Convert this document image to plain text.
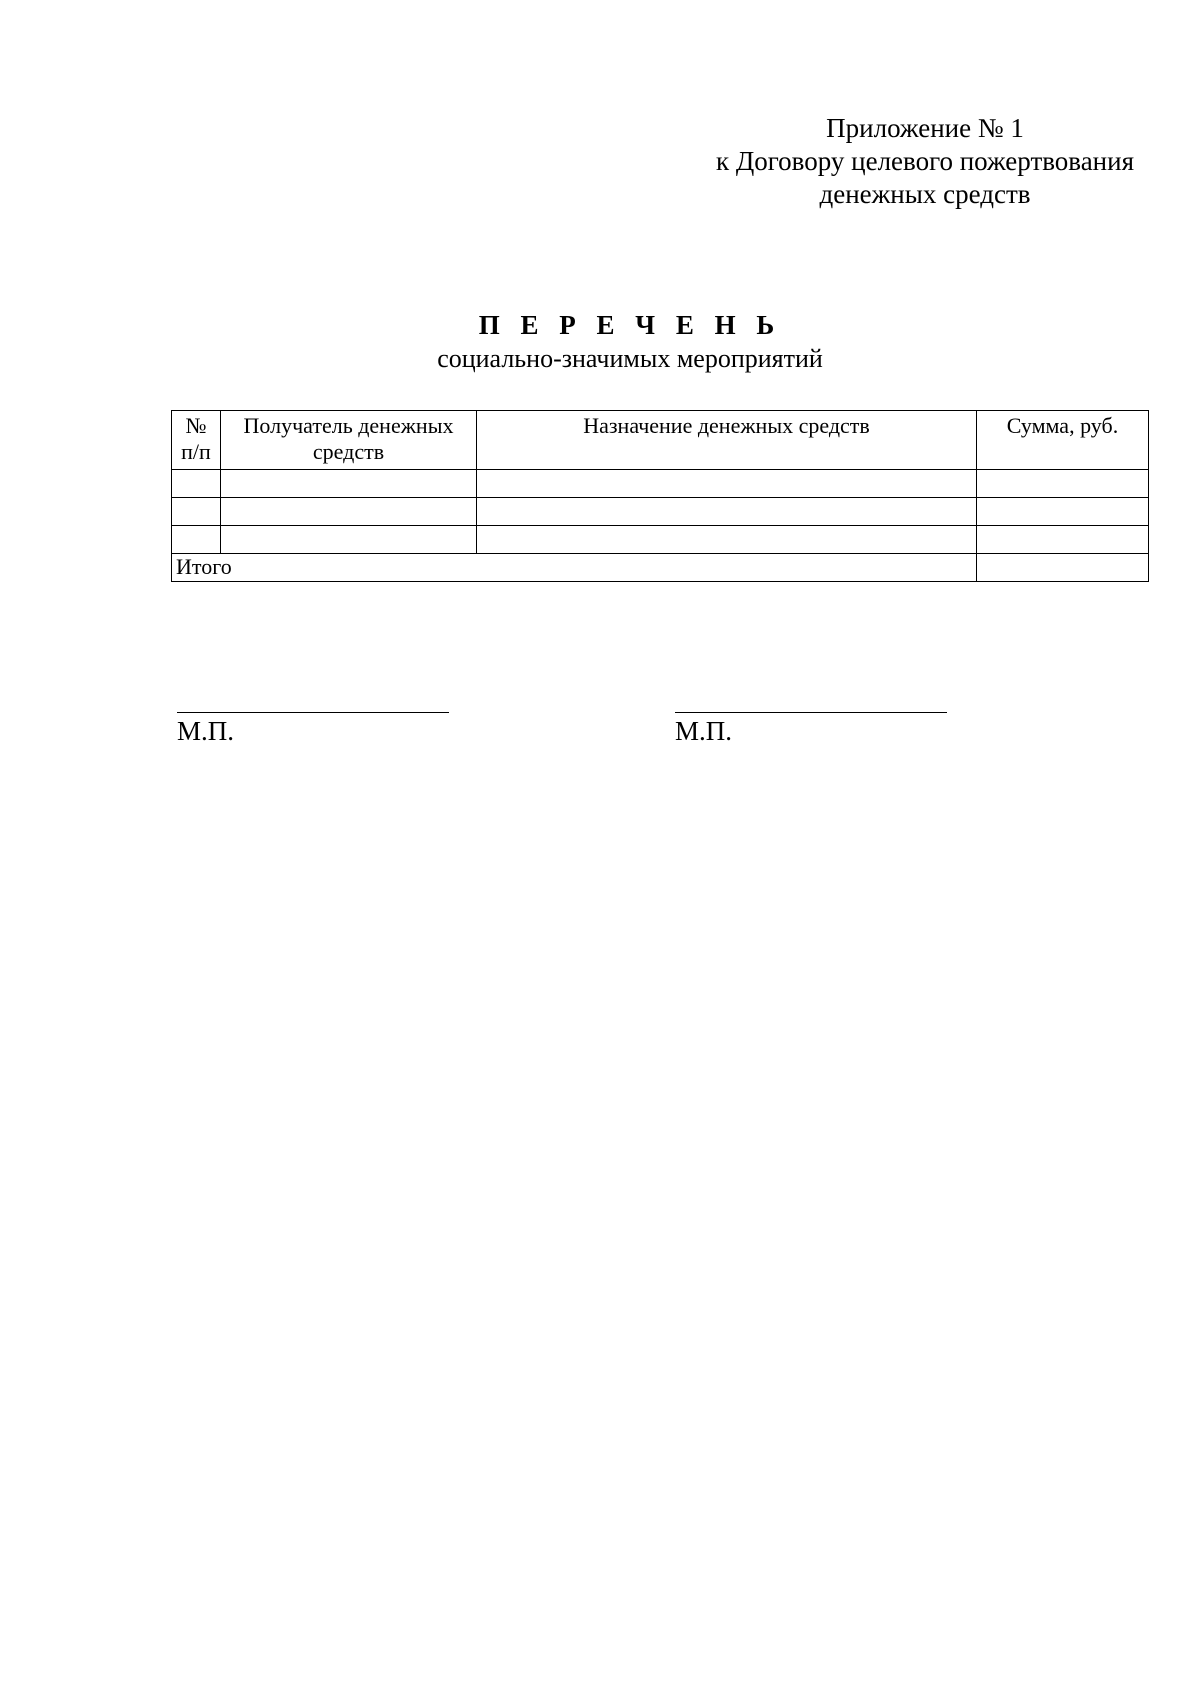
Приложение № 1
к Договору целевого пожертвования
денежных средств
П Е Р Е Ч Е Н Ь
социально-значимых мероприятий
№ п/п	Получатель денежных средств	Назначение денежных средств	Сумма, руб.

Итого			
М.П.	М.П.
